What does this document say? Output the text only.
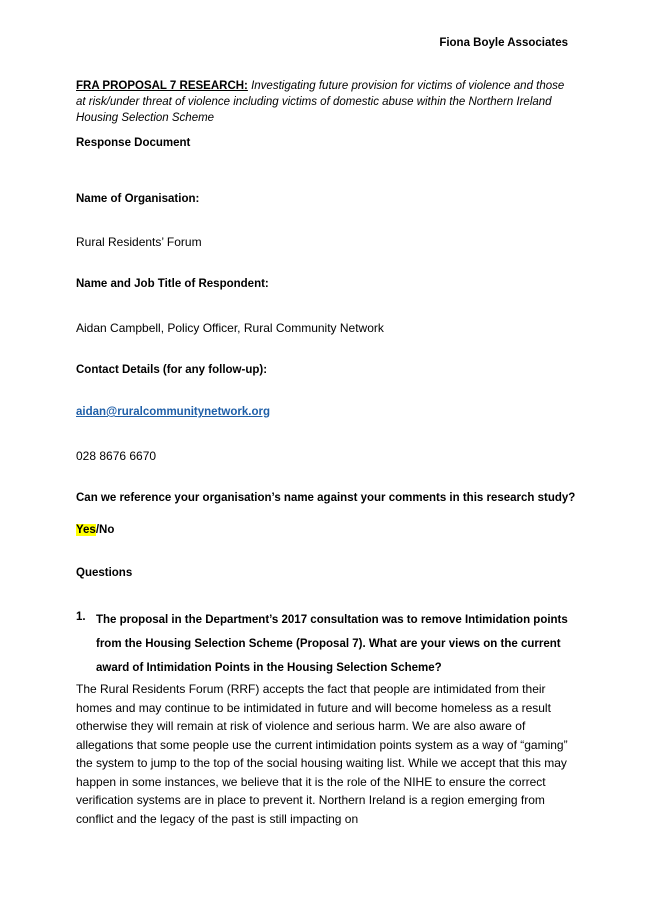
Fiona Boyle Associates
FRA PROPOSAL 7 RESEARCH: Investigating future provision for victims of violence and those at risk/under threat of violence including victims of domestic abuse within the Northern Ireland Housing Selection Scheme
Response Document
Name of Organisation:
Rural Residents’ Forum
Name and Job Title of Respondent:
Aidan Campbell, Policy Officer, Rural Community Network
Contact Details (for any follow-up):
aidan@ruralcommunitynetwork.org
028 8676 6670
Can we reference your organisation’s name against your comments in this research study?
Yes/No
Questions
1. The proposal in the Department’s 2017 consultation was to remove Intimidation points from the Housing Selection Scheme (Proposal 7). What are your views on the current award of Intimidation Points in the Housing Selection Scheme?
The Rural Residents Forum (RRF) accepts the fact that people are intimidated from their homes and may continue to be intimidated in future and will become homeless as a result otherwise they will remain at risk of violence and serious harm. We are also aware of allegations that some people use the current intimidation points system as a way of “gaming” the system to jump to the top of the social housing waiting list. While we accept that this may happen in some instances, we believe that it is the role of the NIHE to ensure the correct verification systems are in place to prevent it. Northern Ireland is a region emerging from conflict and the legacy of the past is still impacting on
